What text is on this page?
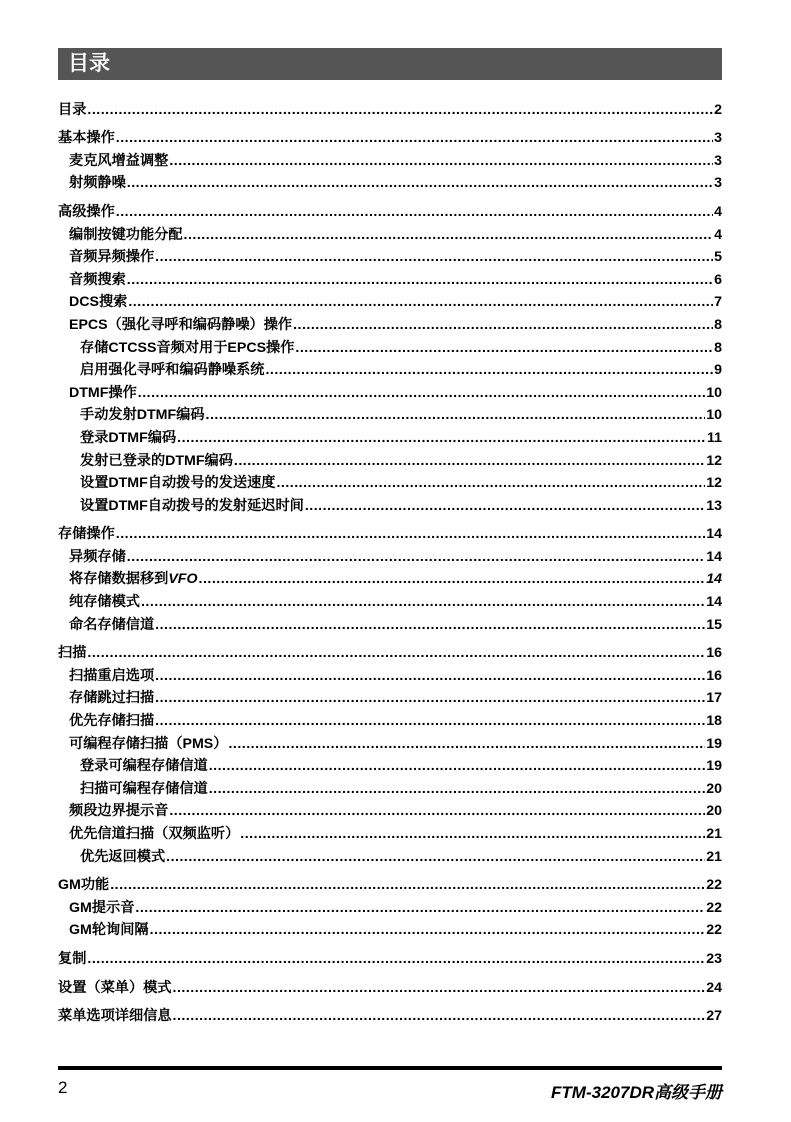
目录
目录 .....	2
基本操作 .....	3
麦克风增益调整 .....	3
射频静噪 .....	3
高级操作 .....	4
编制按键功能分配 .....	4
音频异频操作 .....	5
音频搜索 .....	6
DCS搜索 .....	7
EPCS（强化寻呼和编码静噪）操作 .....	8
存储CTCSS音频对用于EPCS操作 .....	8
启用强化寻呼和编码静噪系统 .....	9
DTMF操作 .....	10
手动发射DTMF编码 .....	10
登录DTMF编码 .....	11
发射已登录的DTMF编码 .....	12
设置DTMF自动拨号的发送速度 .....	12
设置DTMF自动拨号的发射延迟时间 .....	13
存储操作 .....	14
异频存储 .....	14
将存储数据移到VFO .....	14
纯存储模式 .....	14
命名存储信道 .....	15
扫描 .....	16
扫描重启选项 .....	16
存储跳过扫描 .....	17
优先存储扫描 .....	18
可编程存储扫描（PMS） .....	19
登录可编程存储信道 .....	19
扫描可编程存储信道 .....	20
频段边界提示音 .....	20
优先信道扫描（双频监听） .....	21
优先返回模式 .....	21
GM功能 .....	22
GM提示音 .....	22
GM轮询间隔 .....	22
复制 .....	23
设置（菜单）模式 .....	24
菜单选项详细信息 .....	27
2	FTM-3207DR高级手册
